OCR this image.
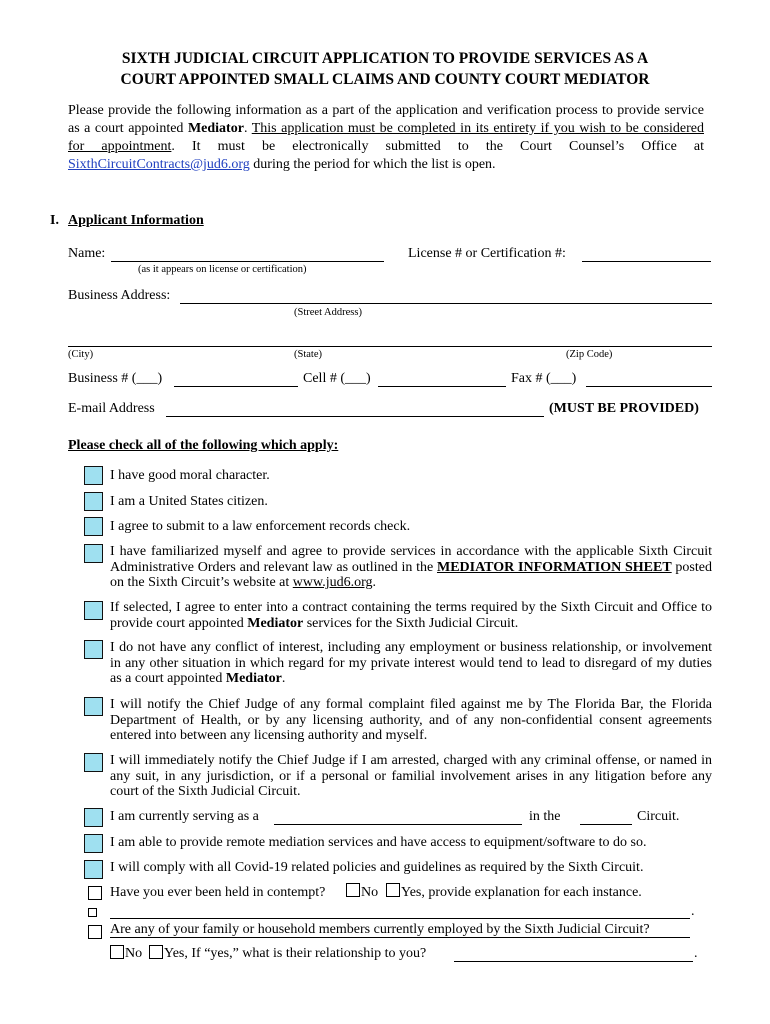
SIXTH JUDICIAL CIRCUIT APPLICATION TO PROVIDE SERVICES AS A
COURT APPOINTED SMALL CLAIMS AND COUNTY COURT MEDIATOR
Please provide the following information as a part of the application and verification process to provide service as a court appointed Mediator. This application must be completed in its entirety if you wish to be considered for appointment. It must be electronically submitted to the Court Counsel’s Office at SixthCircuitContracts@jud6.org during the period for which the list is open.
I. Applicant Information
Name:
(as it appears on license or certification)
License # or Certification #:
Business Address:
(Street Address)
(City)	(State)	(Zip Code)
Business # (___)	Cell # (___)	Fax # (___)
E-mail Address	(MUST BE PROVIDED)
Please check all of the following which apply:
I have good moral character.
I am a United States citizen.
I agree to submit to a law enforcement records check.
I have familiarized myself and agree to provide services in accordance with the applicable Sixth Circuit Administrative Orders and relevant law as outlined in the MEDIATOR INFORMATION SHEET posted on the Sixth Circuit’s website at www.jud6.org.
If selected, I agree to enter into a contract containing the terms required by the Sixth Circuit and Office to provide court appointed Mediator services for the Sixth Judicial Circuit.
I do not have any conflict of interest, including any employment or business relationship, or involvement in any other situation in which regard for my private interest would tend to lead to disregard of my duties as a court appointed Mediator.
I will notify the Chief Judge of any formal complaint filed against me by The Florida Bar, the Florida Department of Health, or by any licensing authority, and of any non-confidential consent agreements entered into between any licensing authority and myself.
I will immediately notify the Chief Judge if I am arrested, charged with any criminal offense, or named in any suit, in any jurisdiction, or if a personal or familial involvement arises in any litigation before any court of the Sixth Judicial Circuit.
I am currently serving as a	in the	Circuit.
I am able to provide remote mediation services and have access to equipment/software to do so.
I will comply with all Covid-19 related policies and guidelines as required by the Sixth Circuit.
Have you ever been held in contempt?	No Yes, provide explanation for each instance.
.
Are any of your family or household members currently employed by the Sixth Judicial Circuit?
No Yes, If “yes,” what is their relationship to you?	.
